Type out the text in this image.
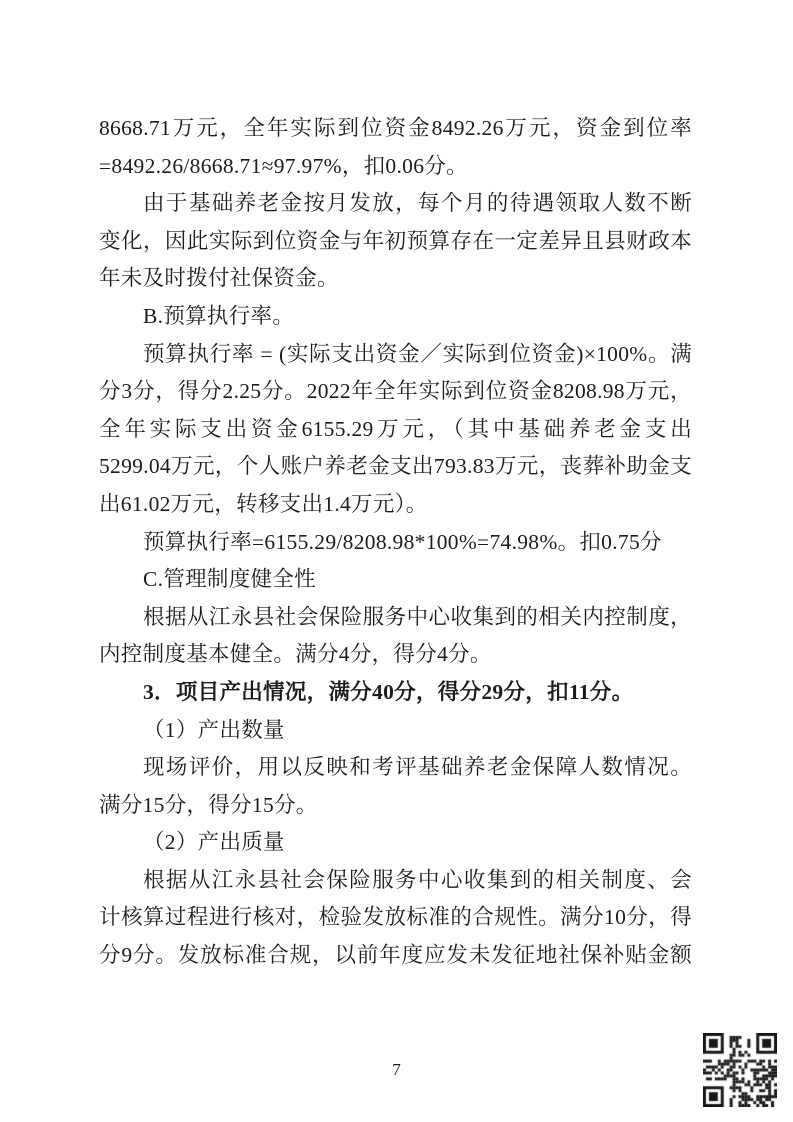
8668.71万元，全年实际到位资金8492.26万元，资金到位率
=8492.26/8668.71≈97.97%，扣0.06分。
由于基础养老金按月发放，每个月的待遇领取人数不断
变化，因此实际到位资金与年初预算存在一定差异且县财政本
年未及时拨付社保资金。
B.预算执行率。
预算执行率 = (实际支出资金／实际到位资金)×100%。满
分3分，得分2.25分。2022年全年实际到位资金8208.98万元，
全年实际支出资金6155.29万元，（其中基础养老金支出
5299.04万元，个人账户养老金支出793.83万元，丧葬补助金支
出61.02万元，转移支出1.4万元）。
预算执行率=6155.29/8208.98*100%=74.98%。扣0.75分
C.管理制度健全性
根据从江永县社会保险服务中心收集到的相关内控制度，
内控制度基本健全。满分4分，得分4分。
3．项目产出情况，满分40分，得分29分，扣11分。
（1）产出数量
现场评价，用以反映和考评基础养老金保障人数情况。
满分15分，得分15分。
（2）产出质量
根据从江永县社会保险服务中心收集到的相关制度、会
计核算过程进行核对，检验发放标准的合规性。满分10分，得
分9分。发放标准合规，以前年度应发未发征地社保补贴金额
7
